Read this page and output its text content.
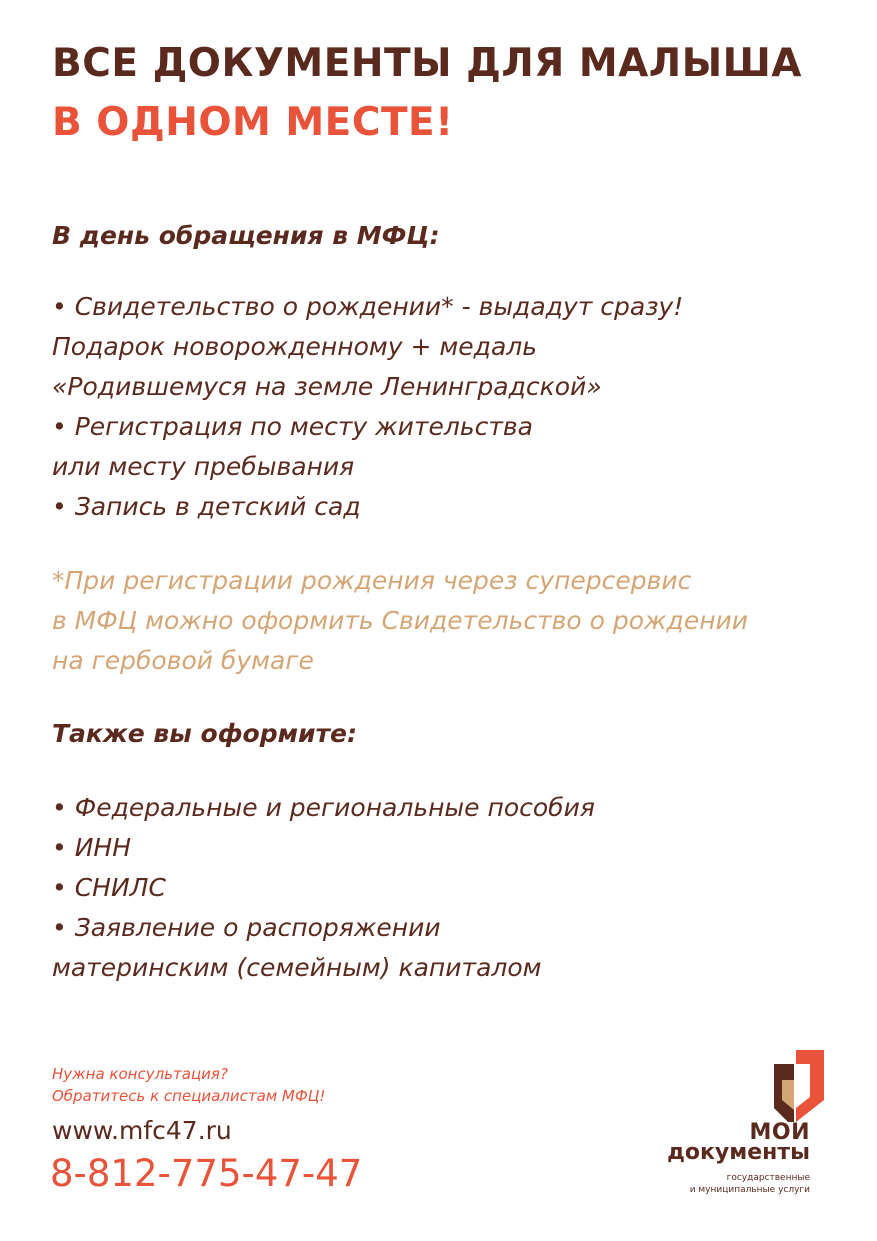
ВСЕ ДОКУМЕНТЫ ДЛЯ МАЛЫША
В ОДНОМ МЕСТЕ!
В день обращения в МФЦ:
• Свидетельство о рождении* - выдадут сразу!
Подарок новорожденному + медаль
«Родившемуся на земле Ленинградской»
• Регистрация по месту жительства
или месту пребывания
• Запись в детский сад
*При регистрации рождения через суперсервис
в МФЦ можно оформить Свидетельство о рождении
на гербовой бумаге
Также вы оформите:
• Федеральные и региональные пособия
• ИНН
• СНИЛС
• Заявление о распоряжении
материнским (семейным) капиталом
Нужна консультация?
Обратитесь к специалистам МФЦ!
www.mfc47.ru
8-812-775-47-47
МОИ
документы
государственные
и муниципальные услуги
